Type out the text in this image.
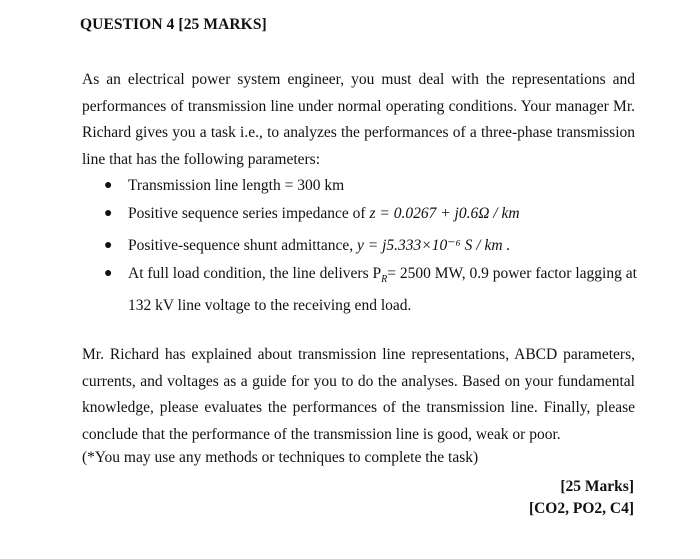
QUESTION 4 [25 MARKS]
As an electrical power system engineer, you must deal with the representations and performances of transmission line under normal operating conditions. Your manager Mr. Richard gives you a task i.e., to analyzes the performances of a three-phase transmission line that has the following parameters:
● Transmission line length = 300 km
● Positive sequence series impedance of z = 0.0267 + j0.6Ω / km
● Positive-sequence shunt admittance, y = j5.333×10⁻⁶ S / km .
● At full load condition, the line delivers $P_R= 2500$ MW, 0.9 power factor lagging at
132 kV line voltage to the receiving end load.
Mr. Richard has explained about transmission line representations, ABCD parameters, currents, and voltages as a guide for you to do the analyses. Based on your fundamental knowledge, please evaluates the performances of the transmission line. Finally, please conclude that the performance of the transmission line is good, weak or poor.
(*You may use any methods or techniques to complete the task)
[25 Marks]
[CO2, PO2, C4]
